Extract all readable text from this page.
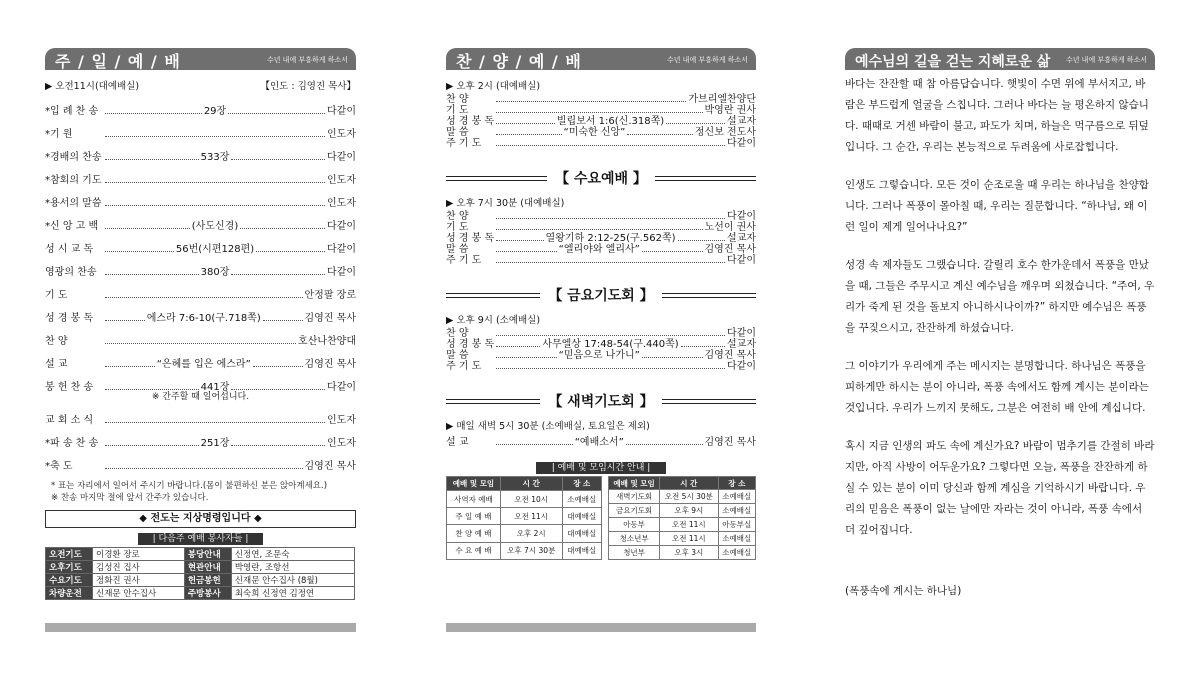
주 / 일 / 예 / 배	수년 내에 부흥하게 하소서
▶ 오전11시(대예배실)	【인도 : 김영진 목사】
*입 례 찬 송	29장	다같이
*기 원	인도자
*경배의 찬송	533장	다같이
*참회의 기도	인도자
*용서의 말씀	인도자
*신 앙 고 백	(사도신경)	다같이
성 시 교 독	56번(시편128편)	다같이
영광의 찬송	380장	다같이
기 도	안정팔 장로
성 경 봉 독	에스라 7:6-10(구.718쪽)	김영진 목사
찬 양	호산나찬양대
설 교	“은혜를 입은 에스라”	김영진 목사
봉 헌 찬 송	441장	다같이
※ 간주할 때 일어섭니다.
교 회 소 식	인도자
*파 송 찬 송	251장	인도자
*축 도	김영진 목사
* 표는 자리에서 일어서 주시기 바랍니다.(몸이 불편하신 분은 앉아계세요.)
※ 찬송 마지막 절에 앞서 간주가 있습니다.
◆ 전도는 지상명령입니다 ◆
| 다음주 예배 봉사자들 |
오전기도	이경환 장로	봉당안내	신정연, 조문숙
오후기도	김성진 집사	현관안내	박영란, 조항선
수요기도	정화진 권사	헌금봉헌	신재문 안수집사 (8월)
차량운전	신재문 안수집사	주방봉사	최숙희 신정연 김정연
찬 / 양 / 예 / 배	수년 내에 부흥하게 하소서
▶ 오후 2시 (대예배실)
찬 양	가브리엘찬양단
기 도	박영란 권사
성 경 봉 독	빌립보서 1:6(신.318쪽)	설교자
말 씀	“미숙한 신앙”	정신보 전도사
주 기 도	다같이
【 수요예배 】
▶ 오후 7시 30분 (대예배실)
찬 양	다같이
기 도	노선이 권사
성 경 봉 독	열왕기하 2:12-25(구.562쪽)	설교자
말 씀	“엘리야와 엘리사”	김영진 목사
주 기 도	다같이
【 금요기도회 】
▶ 오후 9시 (소예배실)
찬 양	다같이
성 경 봉 독	사무엘상 17:48-54(구.440쪽)	설교자
말 씀	“믿음으로 나가니”	김영진 목사
주 기 도	다같이
【 새벽기도회 】
▶ 매일 새벽 5시 30분 (소예배실, 토요일은 제외)
설 교	“예배소서”	김영진 목사
| 예배 및 모임시간 안내 |
예배 및 모임	시 간	장 소
사역자 예배	오전 10시	소예배실
주 일 예 배	오전 11시	대예배실
찬 양 예 배	오후 2시	대예배실
수 요 예 배	오후 7시 30분	대예배실
예배 및 모임	시 간	장 소
새벽기도회	오전 5시 30분	소예배실
금요기도회	오후 9시	소예배실
아동부	오전 11시	아동부실
청소년부	오전 11시	소예배실
청년부	오후 3시	소예배실
예수님의 길을 걷는 지혜로운 삶 수년 내에 부흥하게 하소서

바다는 잔잔할 때 참 아름답습니다. 햇빛이 수면 위에 부서지고, 바람은 부드럽게 얼굴을 스칩니다. 그러나 바다는 늘 평온하지 않습니다. 때때로 거센 바람이 불고, 파도가 치며, 하늘은 먹구름으로 뒤덮입니다. 그 순간, 우리는 본능적으로 두려움에 사로잡힙니다.

인생도 그렇습니다. 모든 것이 순조로울 때 우리는 하나님을 찬양합니다. 그러나 폭풍이 몰아칠 때, 우리는 질문합니다. “하나님, 왜 이런 일이 제게 일어나나요?”

성경 속 제자들도 그랬습니다. 갈릴리 호수 한가운데서 폭풍을 만났을 때, 그들은 주무시고 계신 예수님을 깨우며 외쳤습니다. “주여, 우리가 죽게 된 것을 돌보지 아니하시나이까?” 하지만 예수님은 폭풍을 꾸짖으시고, 잔잔하게 하셨습니다.

그 이야기가 우리에게 주는 메시지는 분명합니다. 하나님은 폭풍을 피하게만 하시는 분이 아니라, 폭풍 속에서도 함께 계시는 분이라는 것입니다. 우리가 느끼지 못해도, 그분은 여전히 배 안에 계십니다.

혹시 지금 인생의 파도 속에 계신가요? 바람이 멈추기를 간절히 바라지만, 아직 사방이 어두운가요? 그렇다면 오늘, 폭풍을 잔잔하게 하실 수 있는 분이 이미 당신과 함께 계심을 기억하시기 바랍니다. 우리의 믿음은 폭풍이 없는 날에만 자라는 것이 아니라, 폭풍 속에서 더 깊어집니다.

(폭풍속에 계시는 하나님)
